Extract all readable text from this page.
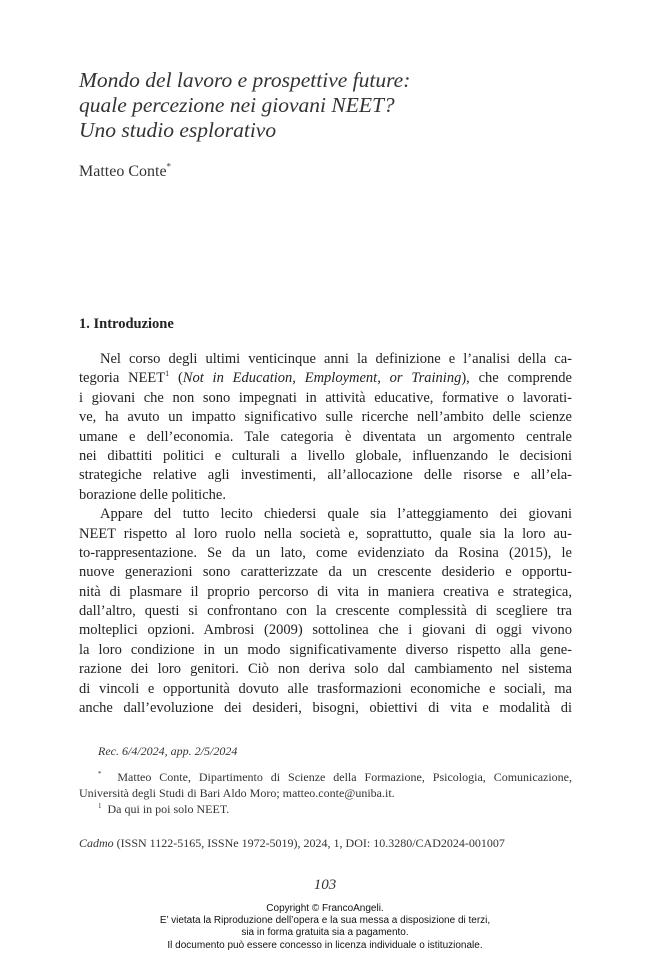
Mondo del lavoro e prospettive future:
quale percezione nei giovani NEET?
Uno studio esplorativo
Matteo Conte*
1. Introduzione
Nel corso degli ultimi venticinque anni la definizione e l’analisi della ca-
tegoria NEET$^1$ (Not in Education, Employment, or Training), che comprende
i giovani che non sono impegnati in attività educative, formative o lavorati-
ve, ha avuto un impatto significativo sulle ricerche nell’ambito delle scienze
umane e dell’economia. Tale categoria è diventata un argomento centrale
nei dibattiti politici e culturali a livello globale, influenzando le decisioni
strategiche relative agli investimenti, all’allocazione delle risorse e all’ela-
borazione delle politiche.
Appare del tutto lecito chiedersi quale sia l’atteggiamento dei giovani
NEET rispetto al loro ruolo nella società e, soprattutto, quale sia la loro au-
to-rappresentazione. Se da un lato, come evidenziato da Rosina (2015), le
nuove generazioni sono caratterizzate da un crescente desiderio e opportu-
nità di plasmare il proprio percorso di vita in maniera creativa e strategica,
dall’altro, questi si confrontano con la crescente complessità di scegliere tra
molteplici opzioni. Ambrosi (2009) sottolinea che i giovani di oggi vivono
la loro condizione in un modo significativamente diverso rispetto alla gene-
razione dei loro genitori. Ciò non deriva solo dal cambiamento nel sistema
di vincoli e opportunità dovuto alle trasformazioni economiche e sociali, ma
anche dall’evoluzione dei desideri, bisogni, obiettivi di vita e modalità di
Rec. 6/4/2024, app. 2/5/2024
* Matteo Conte, Dipartimento di Scienze della Formazione, Psicologia, Comunicazione,
Università degli Studi di Bari Aldo Moro; matteo.conte@uniba.it.
$^1$ Da qui in poi solo NEET.
Cadmo (ISSN 1122-5165, ISSNe 1972-5019), 2024, 1, DOI: 10.3280/CAD2024-001007
103
Copyright © FrancoAngeli.
E’ vietata la Riproduzione dell’opera e la sua messa a disposizione di terzi,
sia in forma gratuita sia a pagamento.
Il documento può essere concesso in licenza individuale o istituzionale.
